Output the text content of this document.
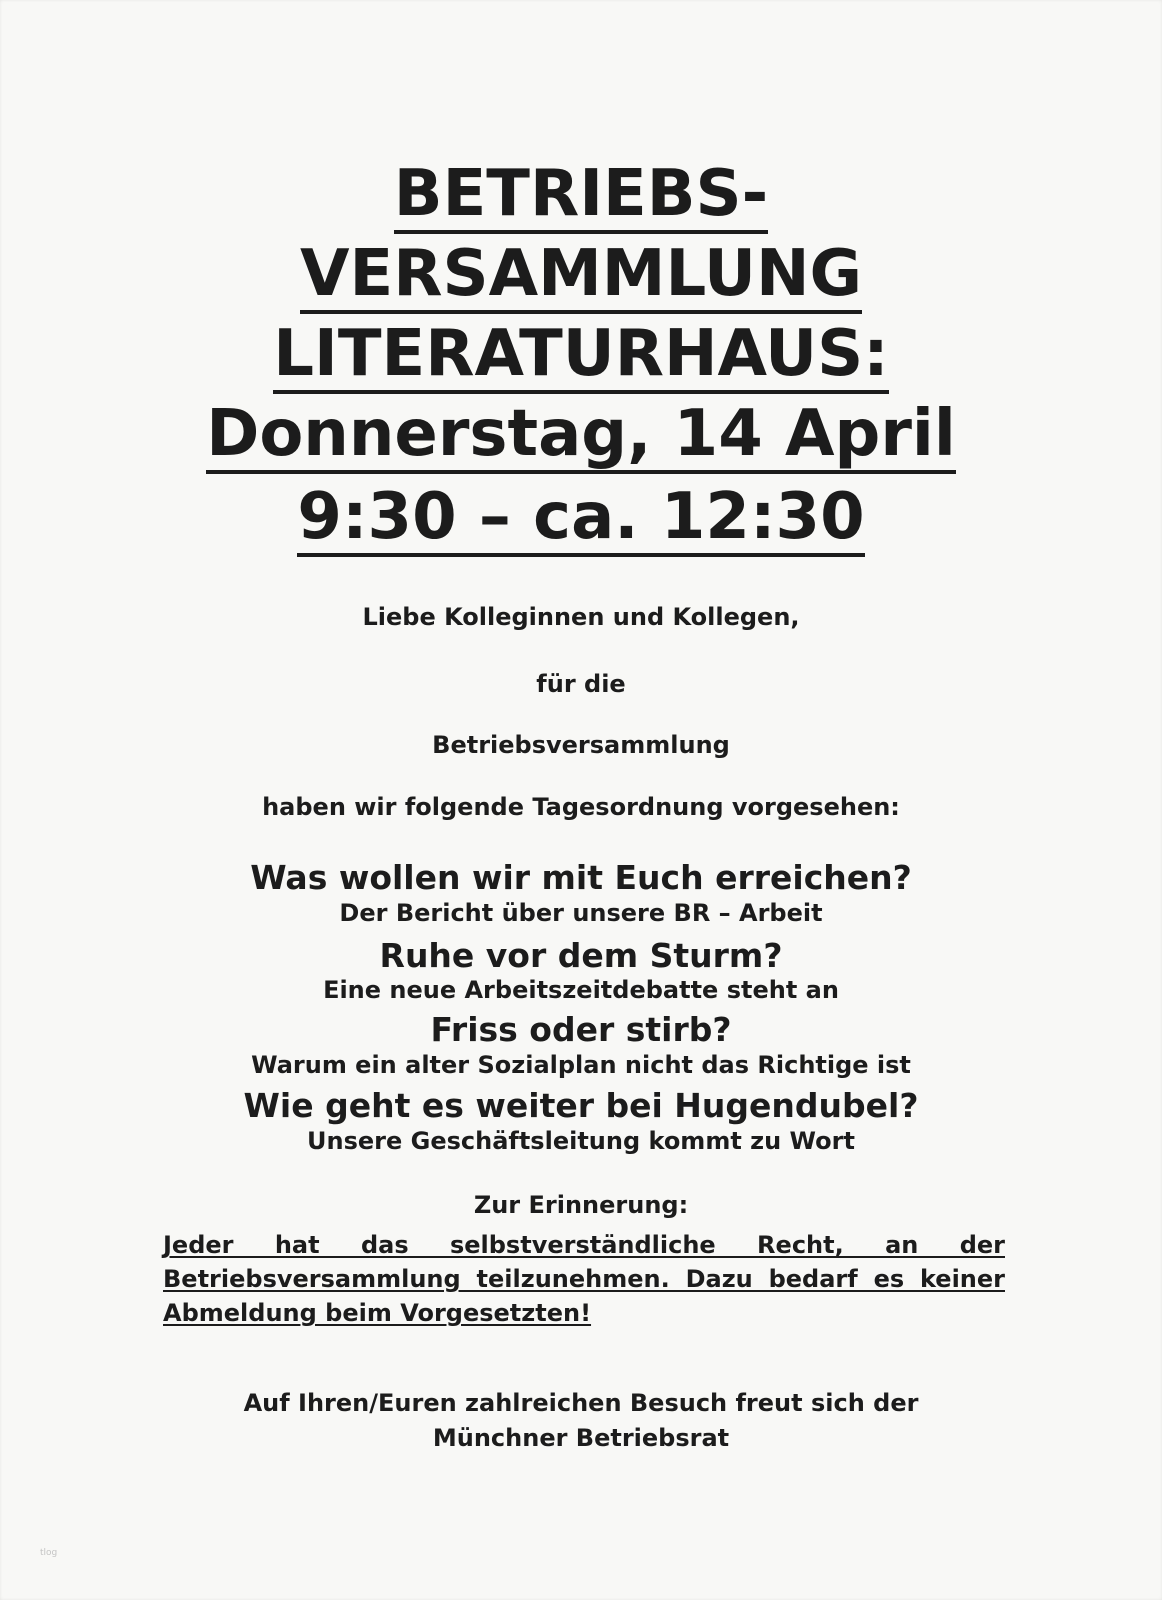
BETRIEBS-
VERSAMMLUNG
LITERATURHAUS:
Donnerstag, 14 April
9:30 – ca. 12:30
Liebe Kolleginnen und Kollegen,
für die
Betriebsversammlung
haben wir folgende Tagesordnung vorgesehen:
Was wollen wir mit Euch erreichen?
Der Bericht über unsere BR – Arbeit
Ruhe vor dem Sturm?
Eine neue Arbeitszeitdebatte steht an
Friss oder stirb?
Warum ein alter Sozialplan nicht das Richtige ist
Wie geht es weiter bei Hugendubel?
Unsere Geschäftsleitung kommt zu Wort
Zur Erinnerung:
Jeder hat das selbstverständliche Recht, an der Betriebsversammlung teilzunehmen. Dazu bedarf es keiner Abmeldung beim Vorgesetzten!
Auf Ihren/Euren zahlreichen Besuch freut sich der
Münchner Betriebsrat
tlog
